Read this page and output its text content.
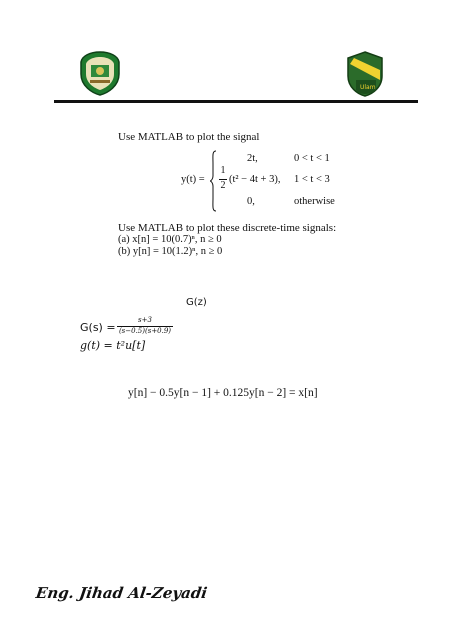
Ulam
Use MATLAB to plot the signal
y(t) =
2t,	0 < t < 1
1
2
(t² − 4t + 3), 1 < t < 3
0,	otherwise
Use MATLAB to plot these discrete-time signals:
(a) x[n] = 10(0.7)ⁿ, n ≥ 0
(b) y[n] = 10(1.2)ⁿ, n ≥ 0
G(z)
G(s) =
s+3
(s−0.5)(s+0.9)
g(t) = t²u[t]
y[n] − 0.5y[n − 1] + 0.125y[n − 2] = x[n]
Eng. Jihad Al-Zeyadi
